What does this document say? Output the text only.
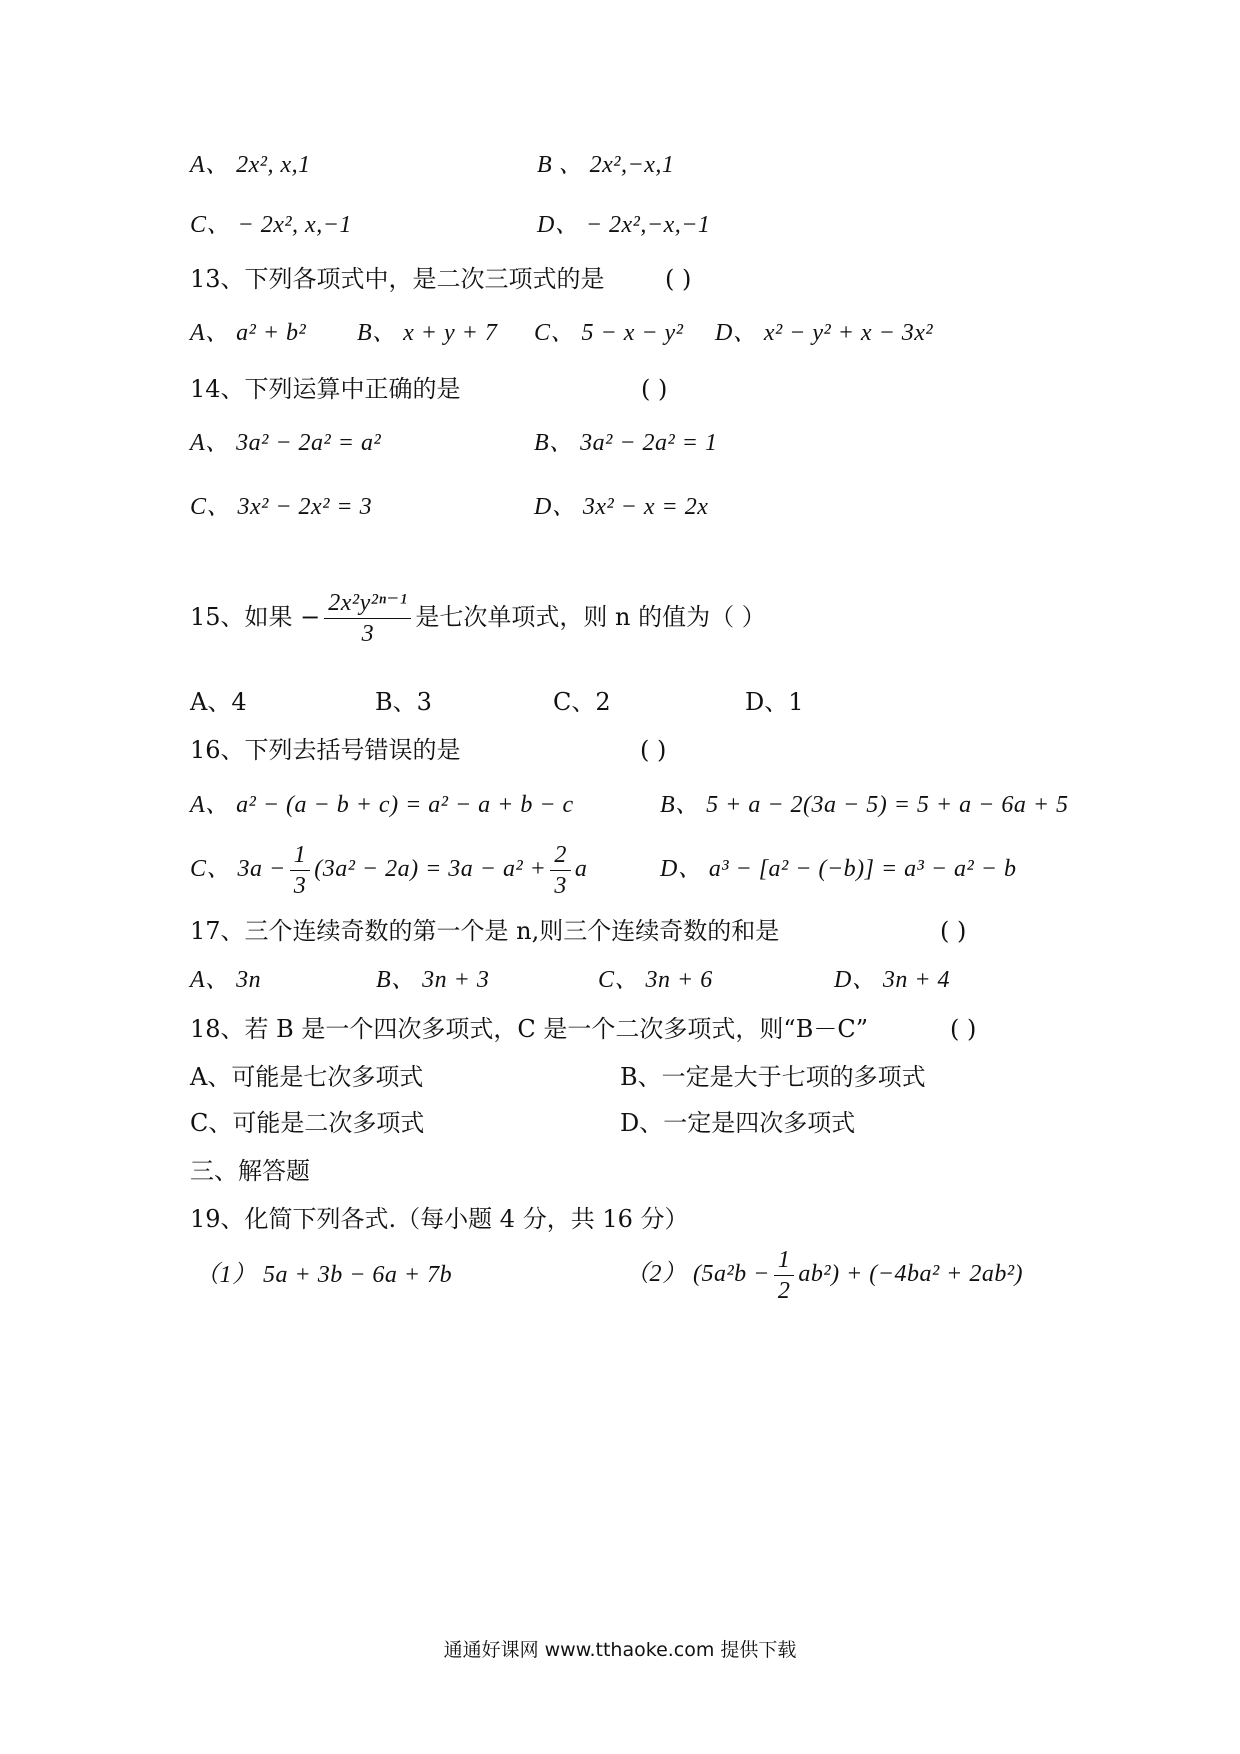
A、 2x², x,1	B 、 2x²,−x,1
C、 − 2x², x,−1	D、 − 2x²,−x,−1
13、下列各项式中，是二次三项式的是	( )
A、 a² + b² B、 x + y + 7 C、 5 − x − y² D、 x² − y² + x − 3x²
14、下列运算中正确的是	( )
A、 3a² − 2a² = a²	B、 3a² − 2a² = 1
C、 3x² − 2x² = 3	D、 3x² − x = 2x
15、如果 − $\frac{\text{2x²y²ⁿ⁻¹}}{3}$ 是七次单项式，则 n 的值为（ ）
A、4	B、3	C、2	D、1
16、下列去括号错误的是	( )
A、 a² − (a − b + c) = a² − a + b − c	B、 5 + a − 2(3a − 5) = 5 + a − 6a + 5
C、 $3a - \frac{1}{3} (3a^2 - 2a) = 3a - a^2 + \frac{2}{3}$ a	D、 a³ − [a² − (−b)] = a³ − a² − b
17、三个连续奇数的第一个是 n,则三个连续奇数的和是	( )
A、 3n	B、 3n + 3	C、 3n + 6	D、 3n + 4
18、若 B 是一个四次多项式，C 是一个二次多项式，则“B－C”	( )
A、可能是七次多项式	B、一定是大于七项的多项式
C、可能是二次多项式	D、一定是四次多项式
三、解答题
19、化简下列各式.（每小题 4 分，共 16 分）
（1） 5a + 3b − 6a + 7b	（2） $(5a^2b - \frac{1}{2} ab^2) + (-4ba^2 + 2ab^2)$
通通好课网 www.tthaoke.com 提供下载
